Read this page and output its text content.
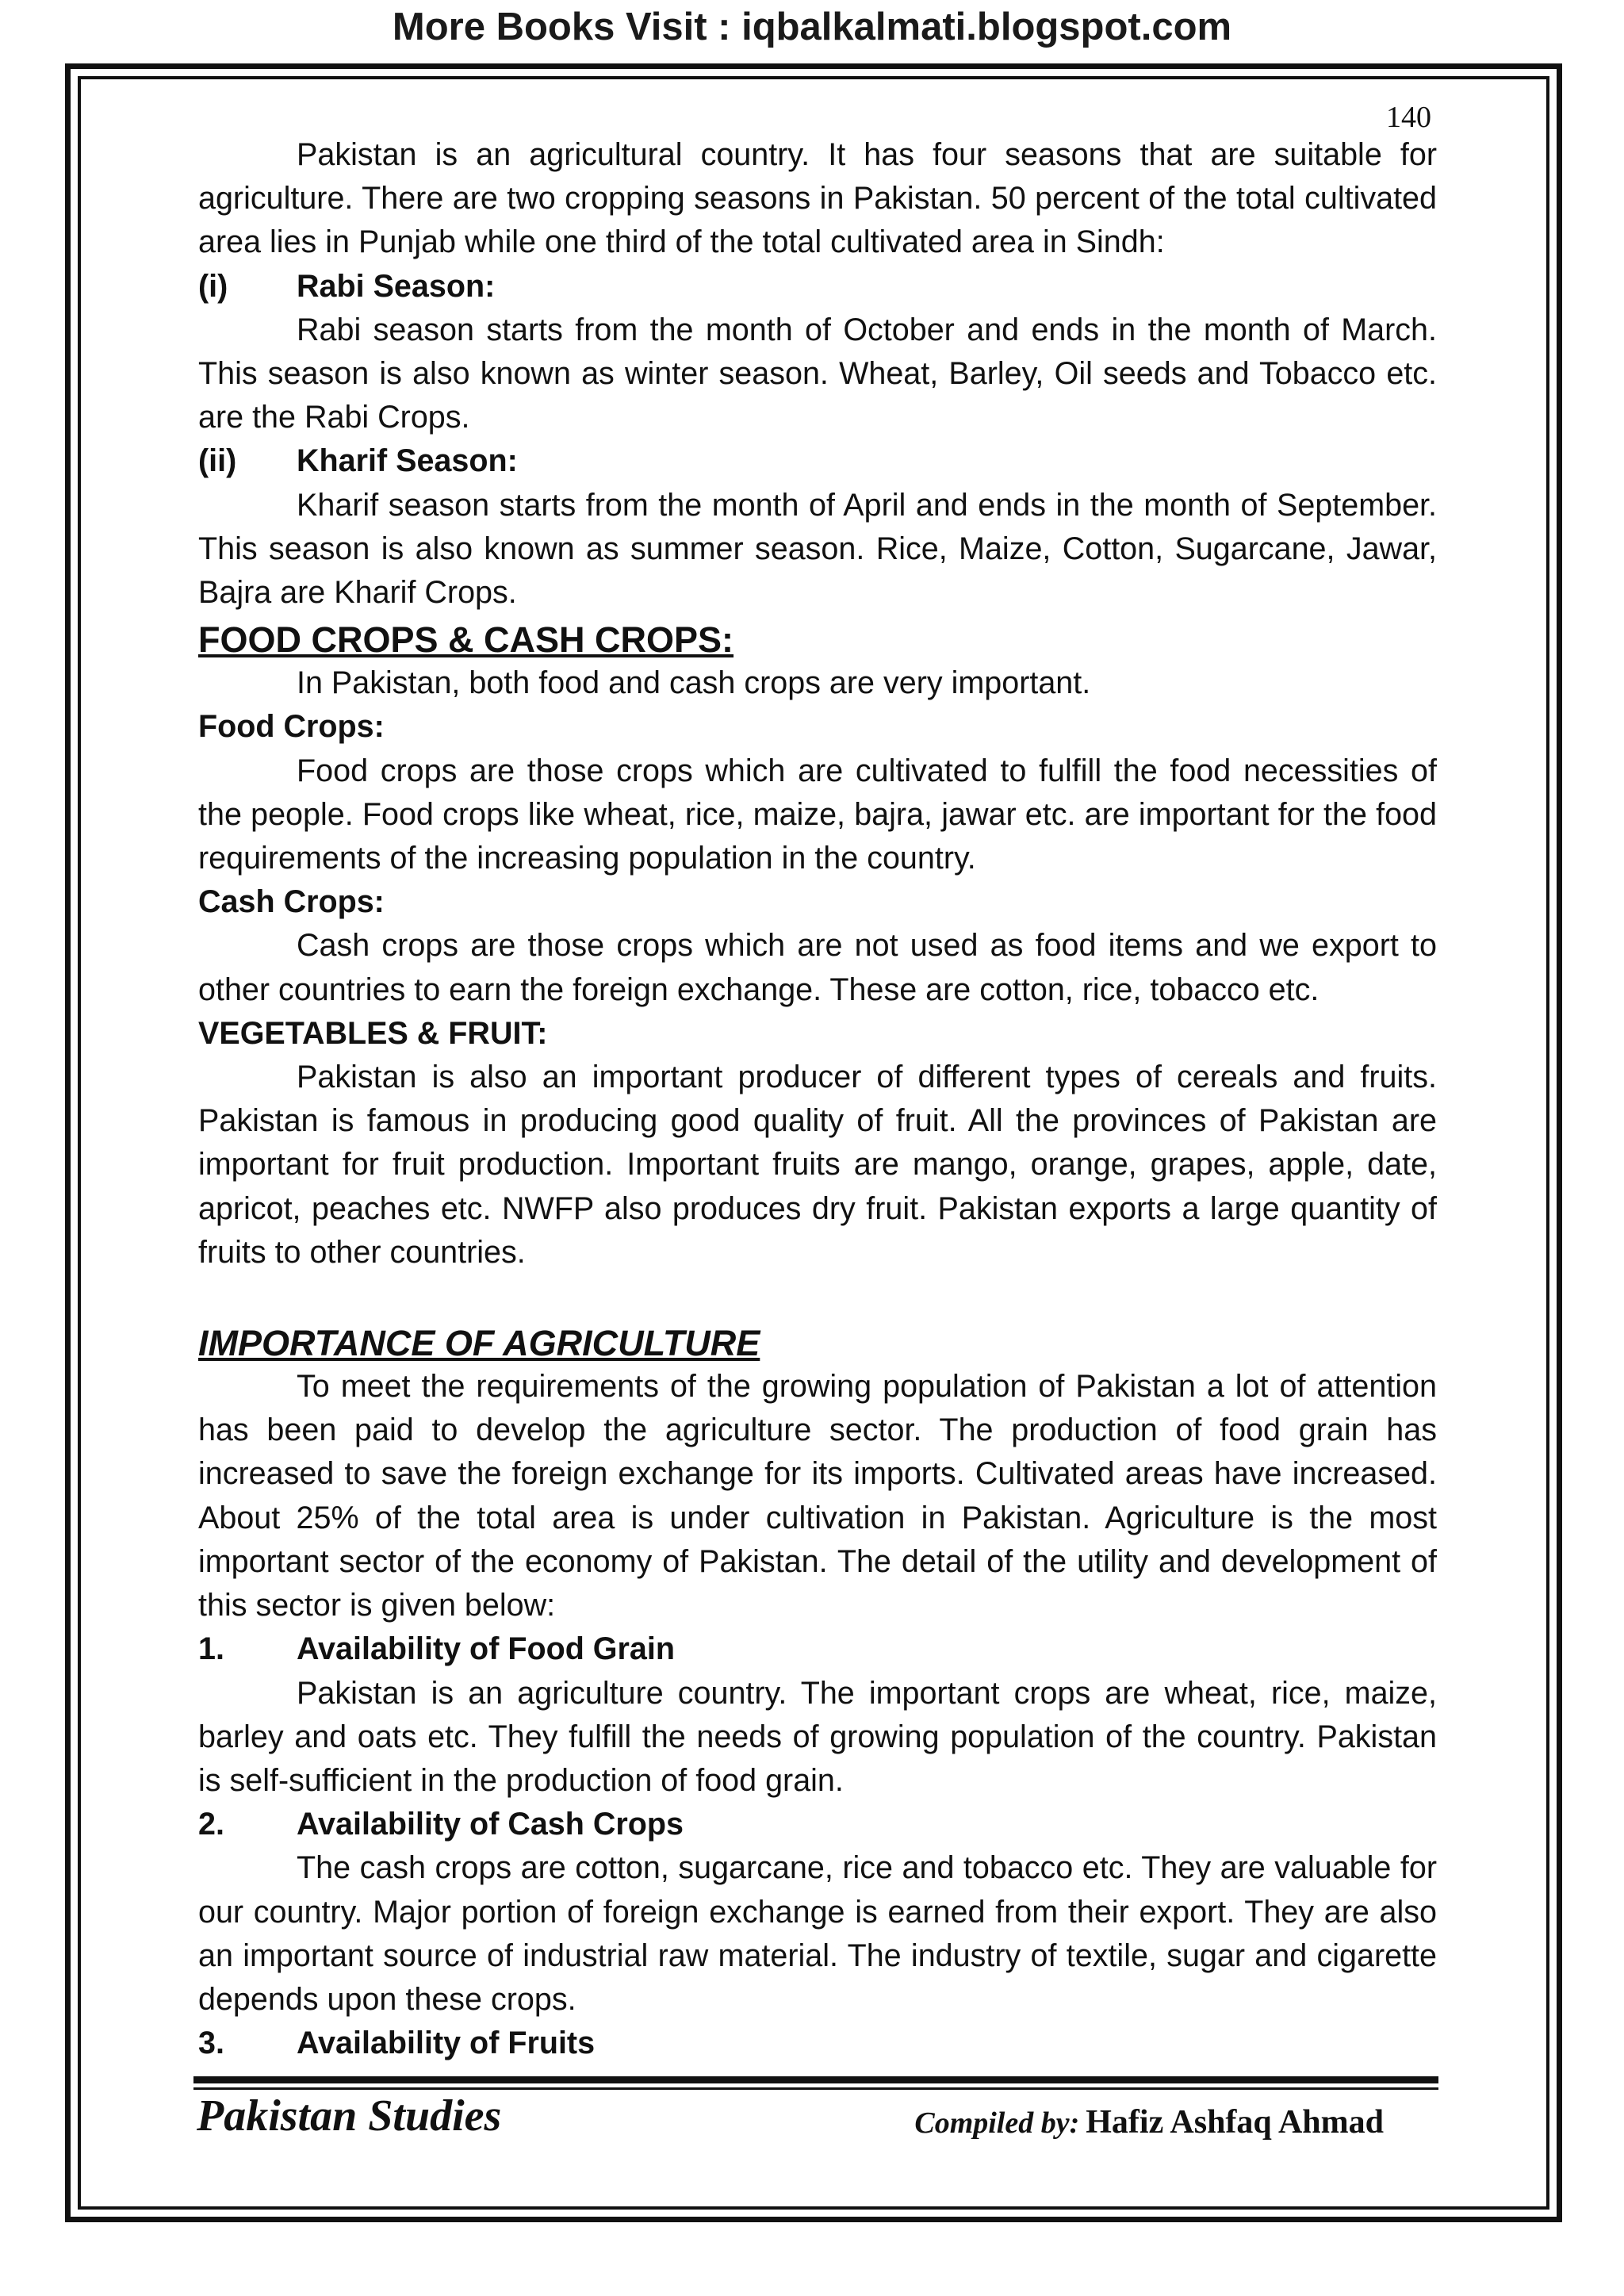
More Books Visit : iqbalkalmati.blogspot.com
140

Pakistan is an agricultural country. It has four seasons that are suitable for agriculture. There are two cropping seasons in Pakistan. 50 percent of the total cultivated area lies in Punjab while one third of the total cultivated area in Sindh:

(i) Rabi Season:

Rabi season starts from the month of October and ends in the month of March. This season is also known as winter season. Wheat, Barley, Oil seeds and Tobacco etc. are the Rabi Crops.

(ii) Kharif Season:

Kharif season starts from the month of April and ends in the month of September. This season is also known as summer season. Rice, Maize, Cotton, Sugarcane, Jawar, Bajra are Kharif Crops.

FOOD CROPS & CASH CROPS:

In Pakistan, both food and cash crops are very important.

Food Crops:

Food crops are those crops which are cultivated to fulfill the food necessities of the people. Food crops like wheat, rice, maize, bajra, jawar etc. are important for the food requirements of the increasing population in the country.

Cash Crops:

Cash crops are those crops which are not used as food items and we export to other countries to earn the foreign exchange. These are cotton, rice, tobacco etc.

VEGETABLES & FRUIT:

Pakistan is also an important producer of different types of cereals and fruits. Pakistan is famous in producing good quality of fruit. All the provinces of Pakistan are important for fruit production. Important fruits are mango, orange, grapes, apple, date, apricot, peaches etc. NWFP also produces dry fruit. Pakistan exports a large quantity of fruits to other countries.

IMPORTANCE OF AGRICULTURE

To meet the requirements of the growing population of Pakistan a lot of attention has been paid to develop the agriculture sector. The production of food grain has increased to save the foreign exchange for its imports. Cultivated areas have increased. About 25% of the total area is under cultivation in Pakistan. Agriculture is the most important sector of the economy of Pakistan. The detail of the utility and development of this sector is given below:

1. Availability of Food Grain

Pakistan is an agriculture country. The important crops are wheat, rice, maize, barley and oats etc. They fulfill the needs of growing population of the country. Pakistan is self-sufficient in the production of food grain.

2. Availability of Cash Crops

The cash crops are cotton, sugarcane, rice and tobacco etc. They are valuable for our country. Major portion of foreign exchange is earned from their export. They are also an important source of industrial raw material. The industry of textile, sugar and cigarette depends upon these crops.

3. Availability of Fruits

Pakistan Studies	Compiled by: Hafiz Ashfaq Ahmad
